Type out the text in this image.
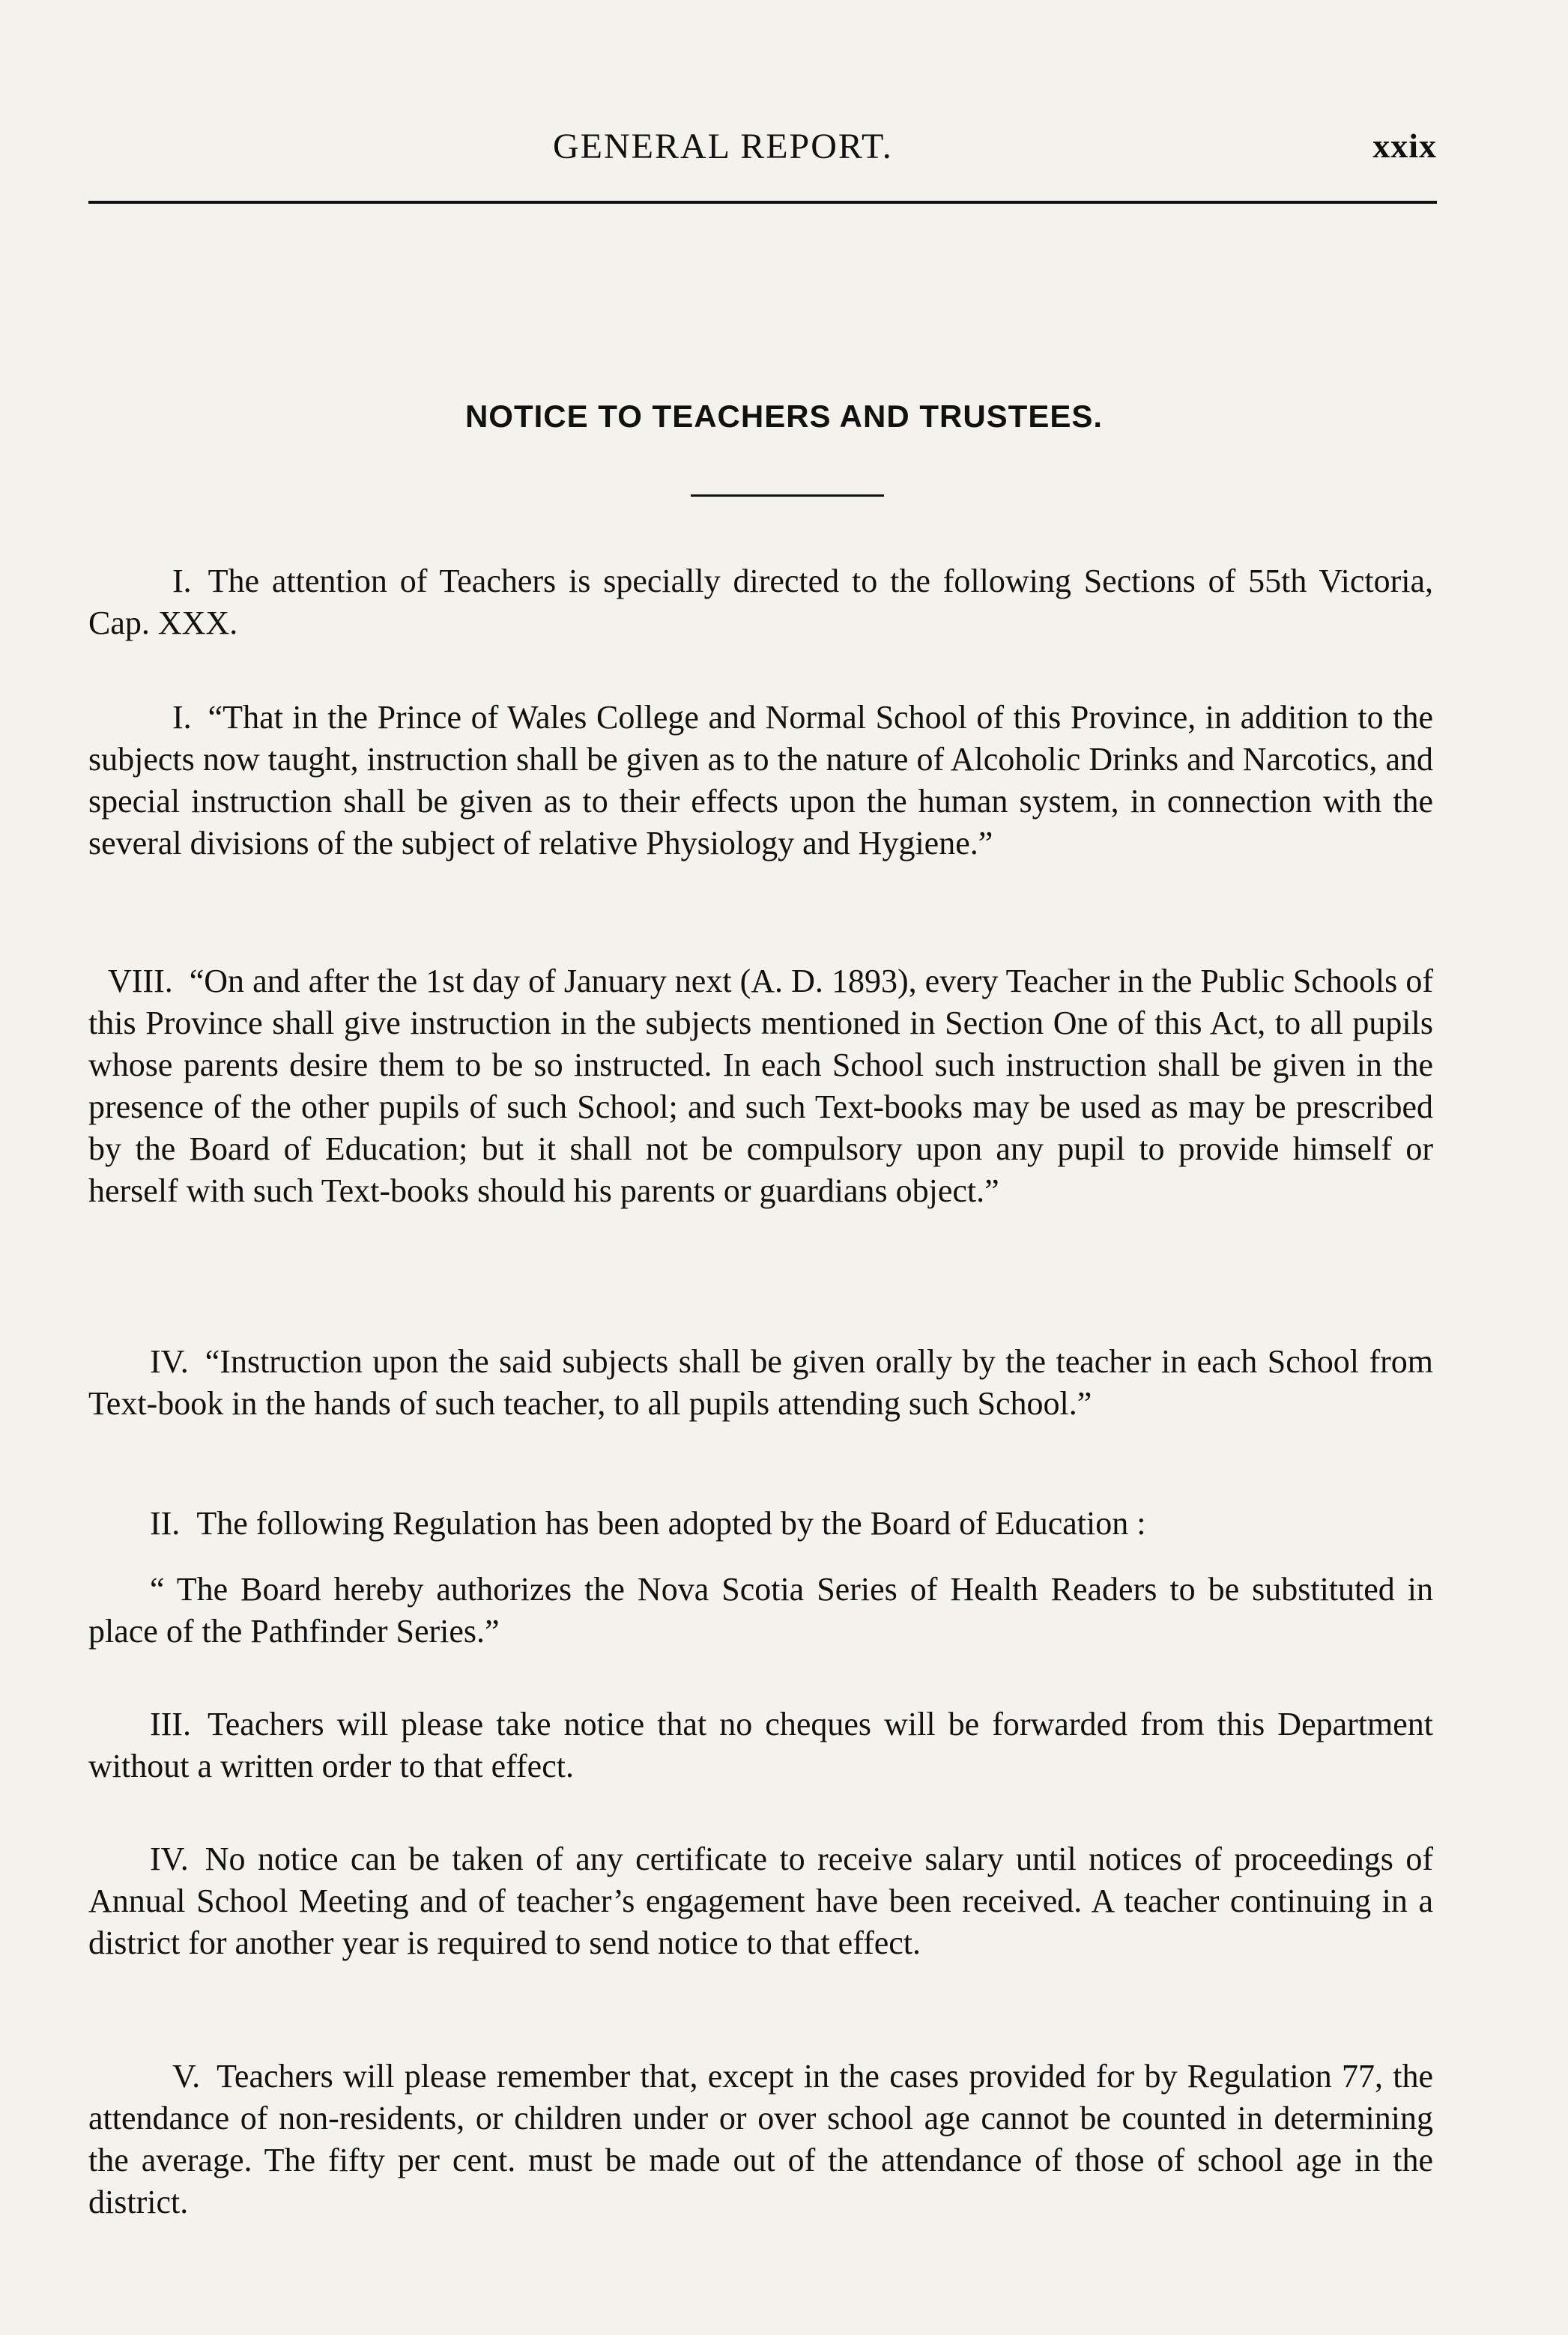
GENERAL REPORT.	xxix
NOTICE TO TEACHERS AND TRUSTEES.

I. The attention of Teachers is specially directed to the following Sections of 55th Victoria, Cap. XXX.

I. “That in the Prince of Wales College and Normal School of this Province, in addition to the subjects now taught, instruction shall be given as to the nature of Alcoholic Drinks and Narcotics, and special instruction shall be given as to their effects upon the human system, in connection with the several divisions of the subject of relative Physiology and Hygiene.”

VIII. “On and after the 1st day of January next (A. D. 1893), every Teacher in the Public Schools of this Province shall give instruction in the subjects mentioned in Section One of this Act, to all pupils whose parents desire them to be so instructed. In each School such instruction shall be given in the presence of the other pupils of such School; and such Text-books may be used as may be prescribed by the Board of Education; but it shall not be compulsory upon any pupil to provide himself or herself with such Text-books should his parents or guardians object.”

IV. “Instruction upon the said subjects shall be given orally by the teacher in each School from Text-book in the hands of such teacher, to all pupils attending such School.”

II. The following Regulation has been adopted by the Board of Education :

“ The Board hereby authorizes the Nova Scotia Series of Health Readers to be substituted in place of the Pathfinder Series.”

III. Teachers will please take notice that no cheques will be forwarded from this Department without a written order to that effect.

IV. No notice can be taken of any certificate to receive salary until notices of proceedings of Annual School Meeting and of teacher’s engagement have been received. A teacher continuing in a district for another year is required to send notice to that effect.

V. Teachers will please remember that, except in the cases provided for by Regulation 77, the attendance of non-residents, or children under or over school age cannot be counted in determining the average. The fifty per cent. must be made out of the attendance of those of school age in the district.
